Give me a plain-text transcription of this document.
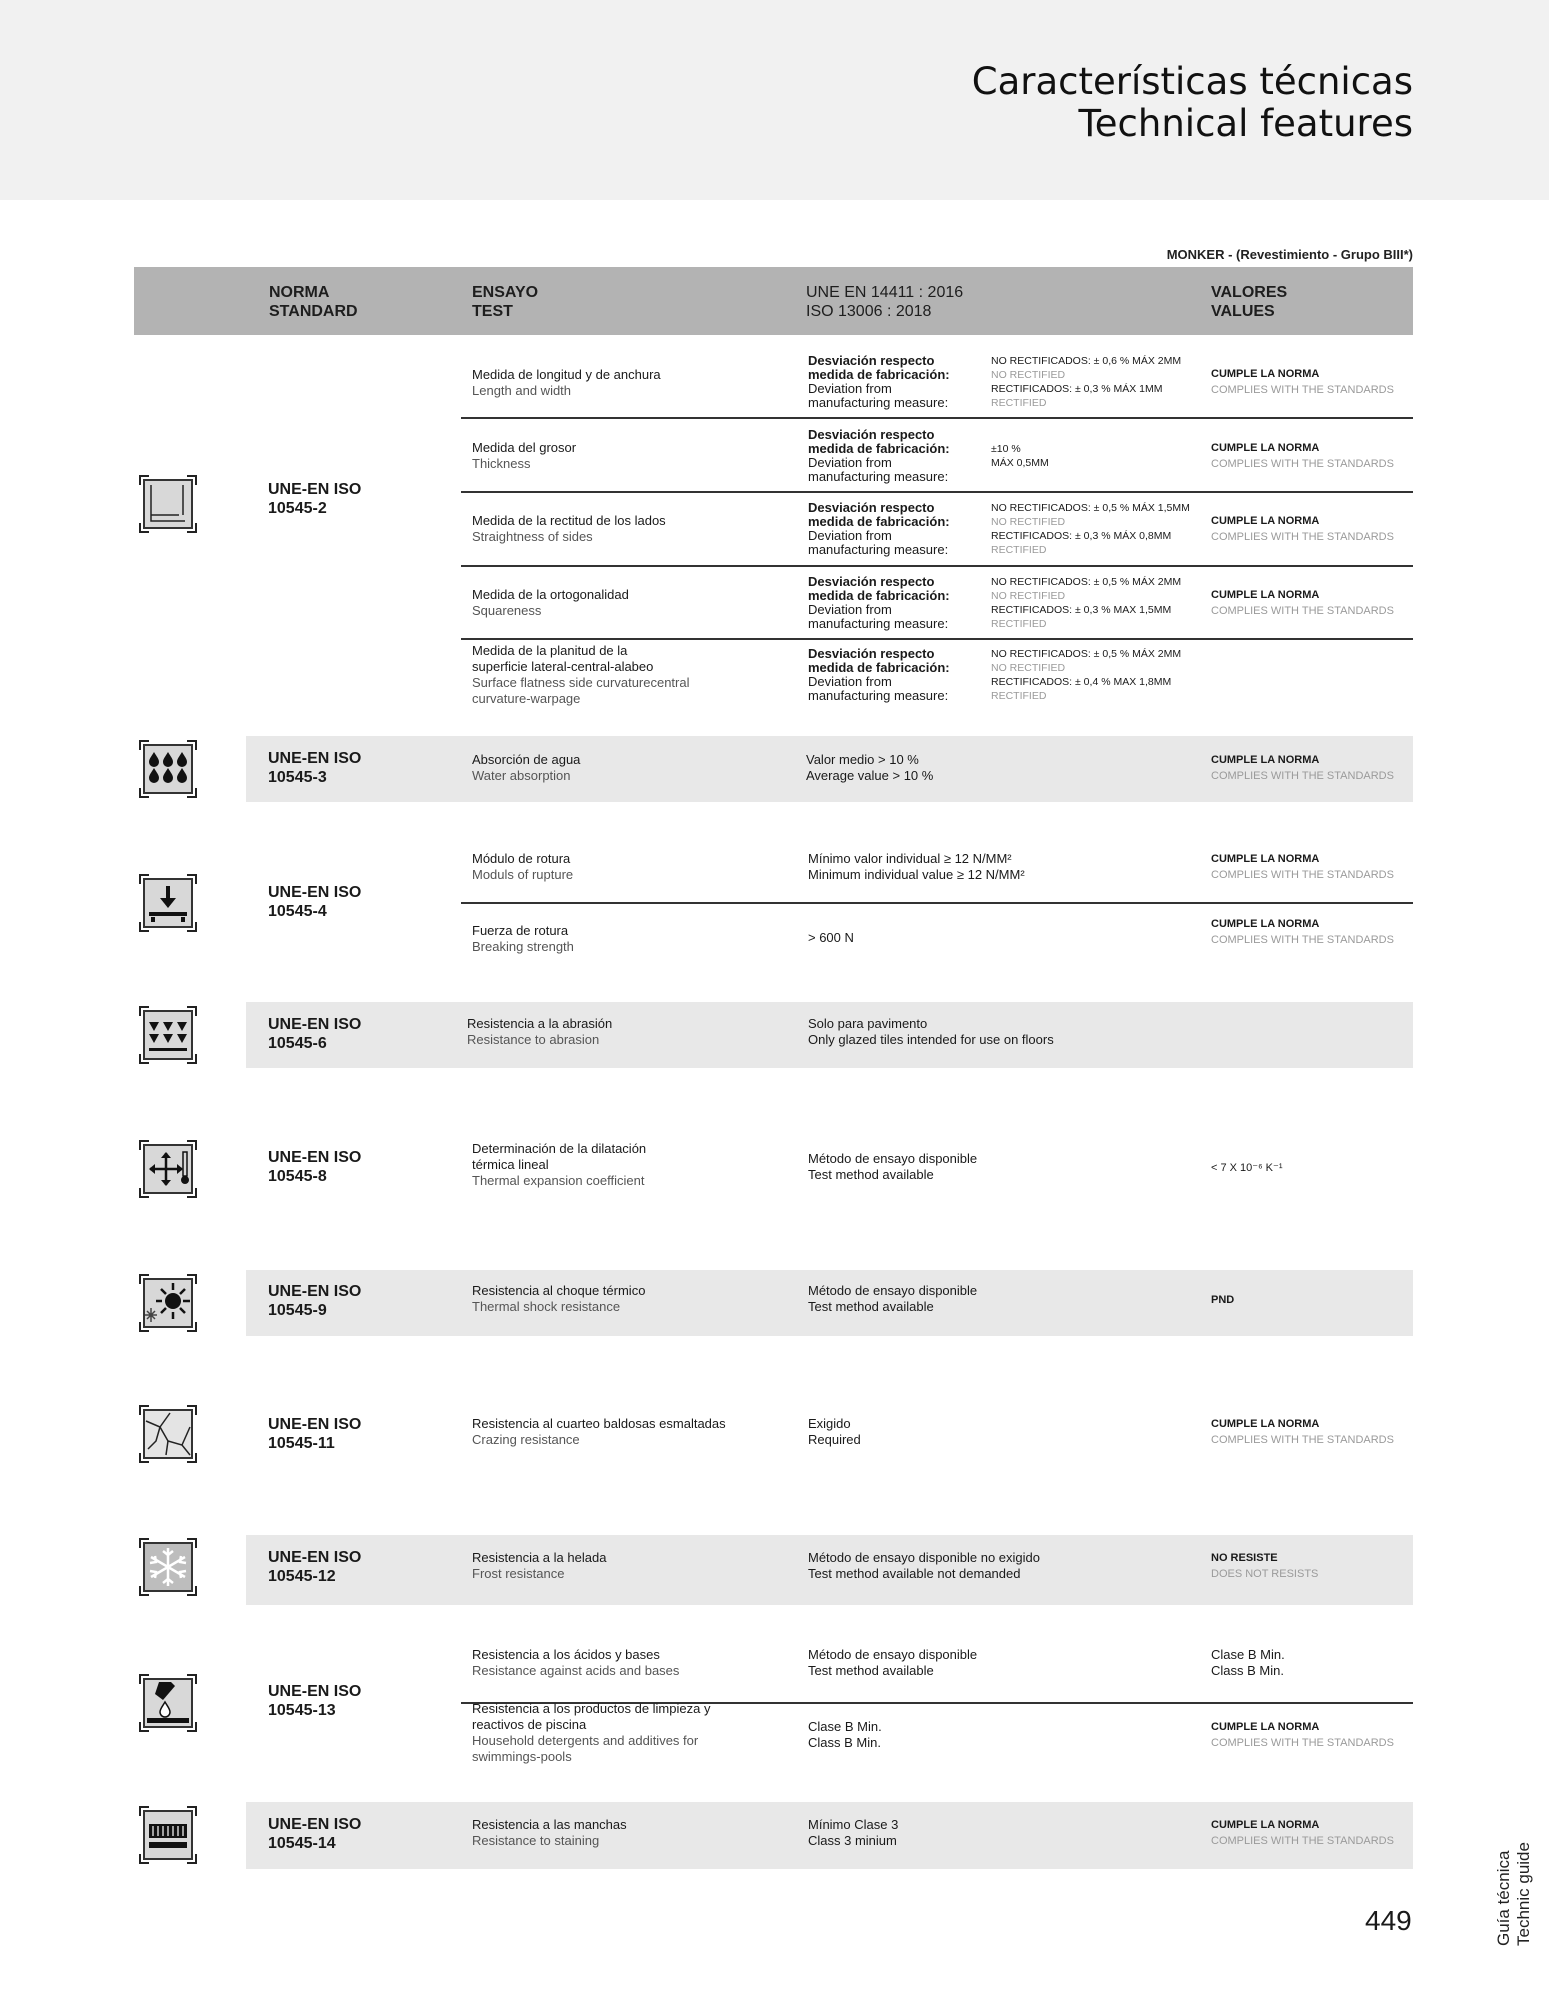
Características técnicas
Technical features
MONKER - (Revestimiento - Grupo BIII*)
NORMA
STANDARD
ENSAYO
TEST
UNE EN 14411 : 2016
ISO 13006 : 2018
VALORES
VALUES
UNE-EN ISO
10545-2
Medida de longitud y de anchura
Length and width
Desviación respecto
medida de fabricación:
Deviation from
manufacturing measure:
NO RECTIFICADOS: ± 0,6 % MÁX 2MM
NO RECTIFIED
RECTIFICADOS: ± 0,3 % MÁX 1MM
RECTIFIED
CUMPLE LA NORMA
COMPLIES WITH THE STANDARDS
Medida del grosor
Thickness
Desviación respecto
medida de fabricación:
Deviation from
manufacturing measure:
±10 %
MÁX 0,5MM
CUMPLE LA NORMA
COMPLIES WITH THE STANDARDS
Medida de la rectitud de los lados
Straightness of sides
Desviación respecto
medida de fabricación:
Deviation from
manufacturing measure:
NO RECTIFICADOS: ± 0,5 % MÁX 1,5MM
NO RECTIFIED
RECTIFICADOS: ± 0,3 % MÁX 0,8MM
RECTIFIED
CUMPLE LA NORMA
COMPLIES WITH THE STANDARDS
Medida de la ortogonalidad
Squareness
Desviación respecto
medida de fabricación:
Deviation from
manufacturing measure:
NO RECTIFICADOS: ± 0,5 % MÁX 2MM
NO RECTIFIED
RECTIFICADOS: ± 0,3 % MAX 1,5MM
RECTIFIED
CUMPLE LA NORMA
COMPLIES WITH THE STANDARDS
Medida de la planitud de la
superficie lateral-central-alabeo
Surface flatness side curvaturecentral
curvature-warpage
Desviación respecto
medida de fabricación:
Deviation from
manufacturing measure:
NO RECTIFICADOS: ± 0,5 % MÁX 2MM
NO RECTIFIED
RECTIFICADOS: ± 0,4 % MAX 1,8MM
RECTIFIED
UNE-EN ISO
10545-3
Absorción de agua
Water absorption
Valor medio > 10 %
Average value > 10 %
CUMPLE LA NORMA
COMPLIES WITH THE STANDARDS
UNE-EN ISO
10545-4
Módulo de rotura
Moduls of rupture
Mínimo valor individual ≥ 12 N/MM²
Minimum individual value ≥ 12 N/MM²
CUMPLE LA NORMA
COMPLIES WITH THE STANDARDS
Fuerza de rotura
Breaking strength
> 600 N
CUMPLE LA NORMA
COMPLIES WITH THE STANDARDS
UNE-EN ISO
10545-6
Resistencia a la abrasión
Resistance to abrasion
Solo para pavimento
Only glazed tiles intended for use on floors
UNE-EN ISO
10545-8
Determinación de la dilatación
térmica lineal
Thermal expansion coefficient
Método de ensayo disponible
Test method available	< 7 X 10⁻⁶ K⁻¹
UNE-EN ISO
10545-9
Resistencia al choque térmico
Thermal shock resistance
Método de ensayo disponible
Test method available	PND
UNE-EN ISO
10545-11
Resistencia al cuarteo baldosas esmaltadas
Crazing resistance
Exigido
Required
CUMPLE LA NORMA
COMPLIES WITH THE STANDARDS
UNE-EN ISO
10545-12
Resistencia a la helada
Frost resistance
Método de ensayo disponible no exigido
Test method available not demanded
NO RESISTE
DOES NOT RESISTS
UNE-EN ISO
10545-13
Resistencia a los ácidos y bases
Resistance against acids and bases
Método de ensayo disponible
Test method available
Clase B Min.
Class B Min.
Resistencia a los productos de limpieza y
reactivos de piscina
Household detergents and additives for
swimmings-pools
Clase B Min.
Class B Min.
CUMPLE LA NORMA
COMPLIES WITH THE STANDARDS
UNE-EN ISO
10545-14
Resistencia a las manchas
Resistance to staining
Mínimo Clase 3
Class 3 minium
CUMPLE LA NORMA
COMPLIES WITH THE STANDARDS
Guía técnica Technic guide
449
